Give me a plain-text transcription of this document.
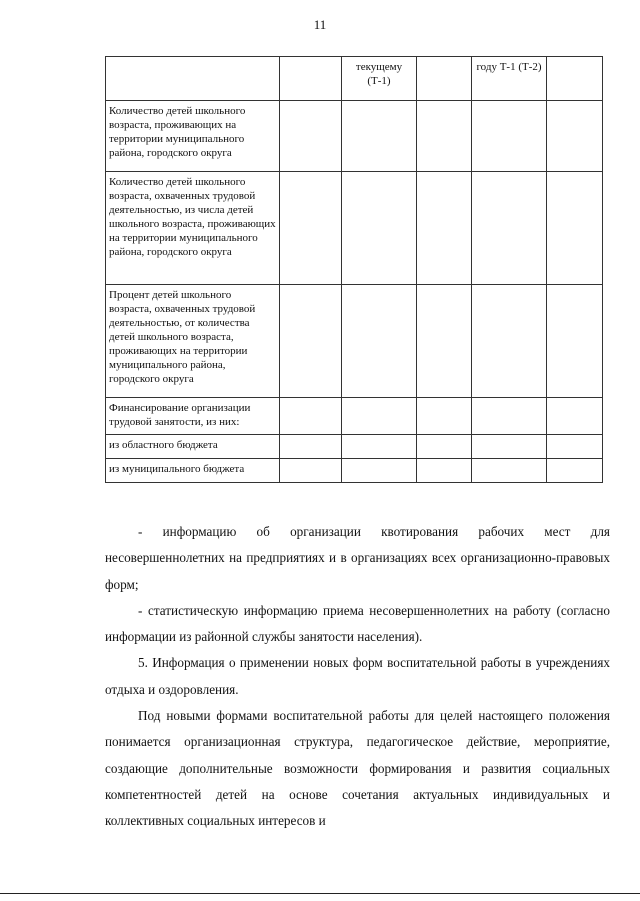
11
		текущему (Т-1)		году Т-1 (Т-2)	
Количество детей школьного возраста, проживающих на территории муниципального района, городского округа					
Количество детей школьного возраста, охваченных трудовой деятельностью, из числа детей школьного возраста, проживающих на территории муниципального района, городского округа					
Процент детей школьного возраста, охваченных трудовой деятельностью, от количества детей школьного возраста, проживающих на территории муниципального района, городского округа					
Финансирование организации трудовой занятости, из них:					
из областного бюджета					
из муниципального бюджета					

- информацию об организации квотирования рабочих мест для несовершеннолетних на предприятиях и в организациях всех организационно-правовых форм;

- статистическую информацию приема несовершеннолетних на работу (согласно информации из районной службы занятости населения).

5. Информация о применении новых форм воспитательной работы в учреждениях отдыха и оздоровления.

Под новыми формами воспитательной работы для целей настоящего положения понимается организационная структура, педагогическое действие, мероприятие, создающие дополнительные возможности формирования и развития социальных компетентностей детей на основе сочетания актуальных индивидуальных и коллективных социальных интересов и
